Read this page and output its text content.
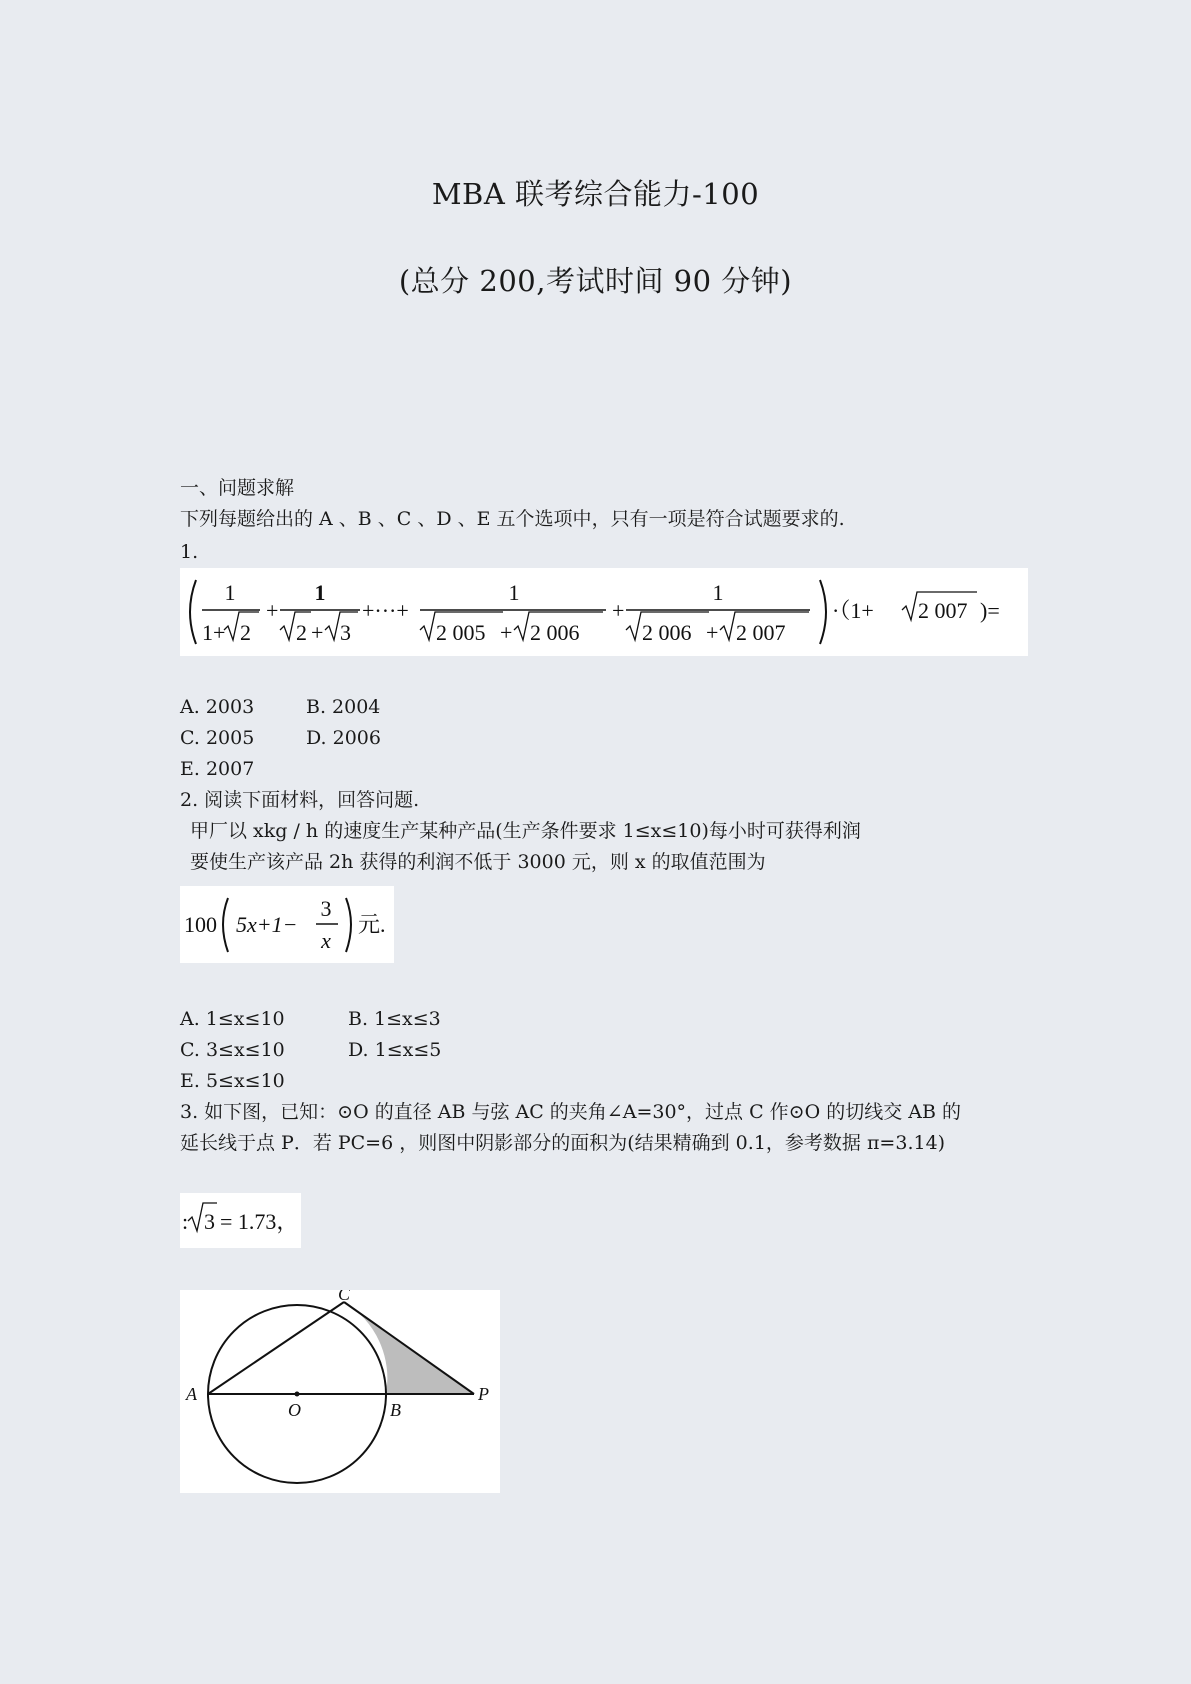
MBA 联考综合能力-100
(总分 200,考试时间 90 分钟)
一、问题求解
下列每题给出的 A 、B 、C 、D 、E 五个选项中，只有一项是符合试题要求的.
1.
1
1+ 2
+
1
2 + 3
+···+
1
2 005 + 2 006
+
1
2 006 + 2 007
·（1+ 2 007 )=
A. 2003	B. 2004
C. 2005	D. 2006
E. 2007
2. 阅读下面材料，回答问题.
甲厂以 xkg / h 的速度生产某种产品(生产条件要求 1≤x≤10)每小时可获得利润
要使生产该产品 2h 获得的利润不低于 3000 元，则 x 的取值范围为
100 5x+1−
3
x
元.
A. 1≤x≤10	B. 1≤x≤3
C. 3≤x≤10	D. 1≤x≤5
E. 5≤x≤10
3. 如下图，已知：⊙O 的直径 AB 与弦 AC 的夹角∠A=30°，过点 C 作⊙O 的切线交 AB 的
延长线于点 P．若 PC=6 ，则图中阴影部分的面积为(结果精确到 0.1，参考数据 π=3.14)
: 3 = 1.73，
A
B
C
O
P
